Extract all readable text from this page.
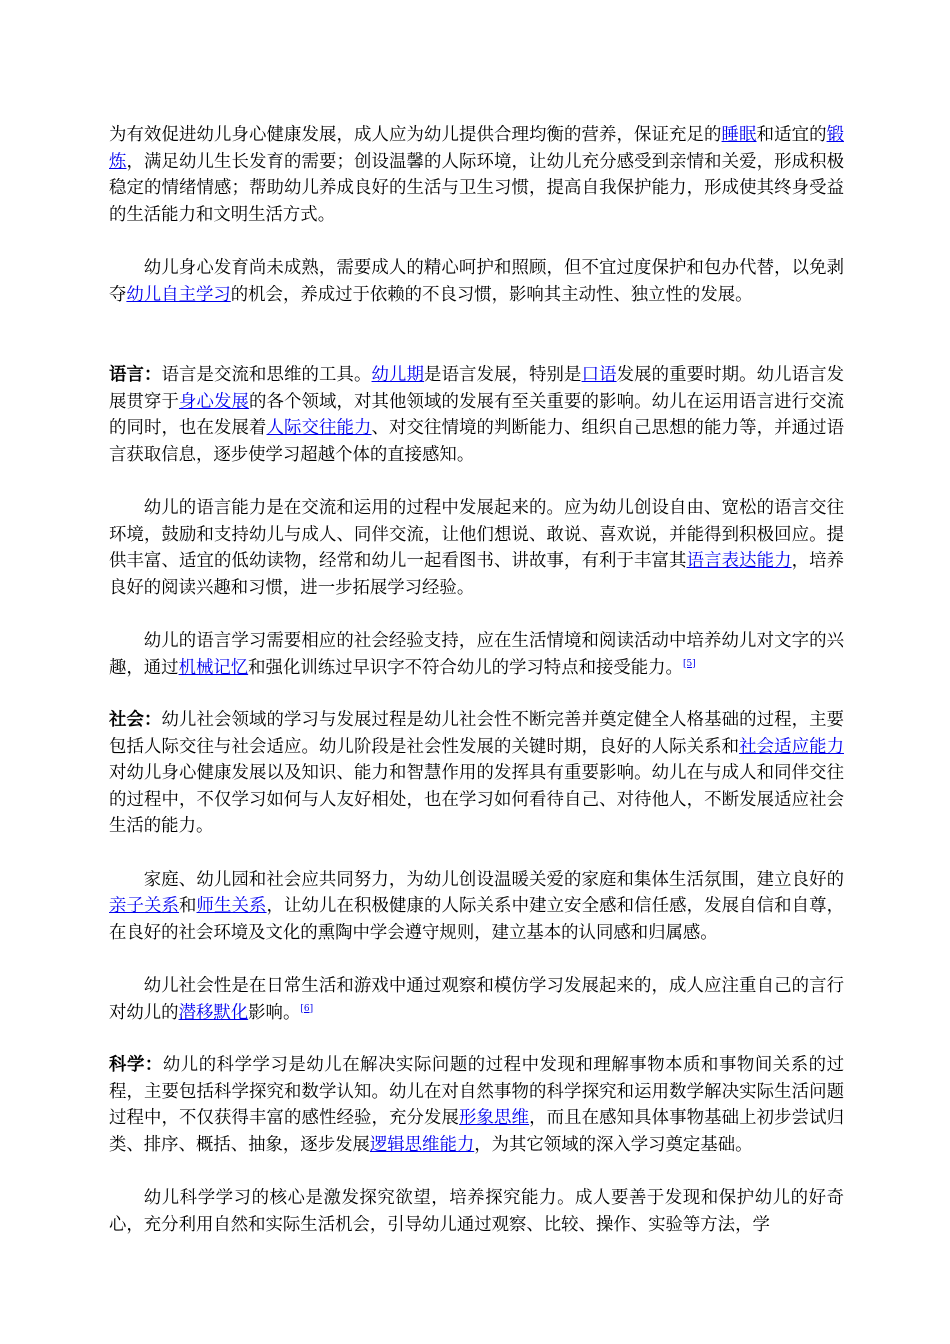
为有效促进幼儿身心健康发展，成人应为幼儿提供合理均衡的营养，保证充足的睡眠和适宜的锻炼，满足幼儿生长发育的需要；创设温馨的人际环境，让幼儿充分感受到亲情和关爱，形成积极稳定的情绪情感；帮助幼儿养成良好的生活与卫生习惯，提高自我保护能力，形成使其终身受益的生活能力和文明生活方式。

幼儿身心发育尚未成熟，需要成人的精心呵护和照顾，但不宜过度保护和包办代替，以免剥夺幼儿自主学习的机会，养成过于依赖的不良习惯，影响其主动性、独立性的发展。

语言：语言是交流和思维的工具。幼儿期是语言发展，特别是口语发展的重要时期。幼儿语言发展贯穿于身心发展的各个领域，对其他领域的发展有至关重要的影响。幼儿在运用语言进行交流的同时，也在发展着人际交往能力、对交往情境的判断能力、组织自己思想的能力等，并通过语言获取信息，逐步使学习超越个体的直接感知。

幼儿的语言能力是在交流和运用的过程中发展起来的。应为幼儿创设自由、宽松的语言交往环境，鼓励和支持幼儿与成人、同伴交流，让他们想说、敢说、喜欢说，并能得到积极回应。提供丰富、适宜的低幼读物，经常和幼儿一起看图书、讲故事，有利于丰富其语言表达能力，培养良好的阅读兴趣和习惯，进一步拓展学习经验。

幼儿的语言学习需要相应的社会经验支持，应在生活情境和阅读活动中培养幼儿对文字的兴趣，通过机械记忆和强化训练过早识字不符合幼儿的学习特点和接受能力。[5]

社会：幼儿社会领域的学习与发展过程是幼儿社会性不断完善并奠定健全人格基础的过程，主要包括人际交往与社会适应。幼儿阶段是社会性发展的关键时期，良好的人际关系和社会适应能力对幼儿身心健康发展以及知识、能力和智慧作用的发挥具有重要影响。幼儿在与成人和同伴交往的过程中，不仅学习如何与人友好相处，也在学习如何看待自己、对待他人，不断发展适应社会生活的能力。

家庭、幼儿园和社会应共同努力，为幼儿创设温暖关爱的家庭和集体生活氛围，建立良好的亲子关系和师生关系，让幼儿在积极健康的人际关系中建立安全感和信任感，发展自信和自尊，在良好的社会环境及文化的熏陶中学会遵守规则，建立基本的认同感和归属感。

幼儿社会性是在日常生活和游戏中通过观察和模仿学习发展起来的，成人应注重自己的言行对幼儿的潜移默化影响。[6]

科学：幼儿的科学学习是幼儿在解决实际问题的过程中发现和理解事物本质和事物间关系的过程，主要包括科学探究和数学认知。幼儿在对自然事物的科学探究和运用数学解决实际生活问题过程中，不仅获得丰富的感性经验，充分发展形象思维，而且在感知具体事物基础上初步尝试归类、排序、概括、抽象，逐步发展逻辑思维能力，为其它领域的深入学习奠定基础。

幼儿科学学习的核心是激发探究欲望，培养探究能力。成人要善于发现和保护幼儿的好奇心，充分利用自然和实际生活机会，引导幼儿通过观察、比较、操作、实验等方法，学
